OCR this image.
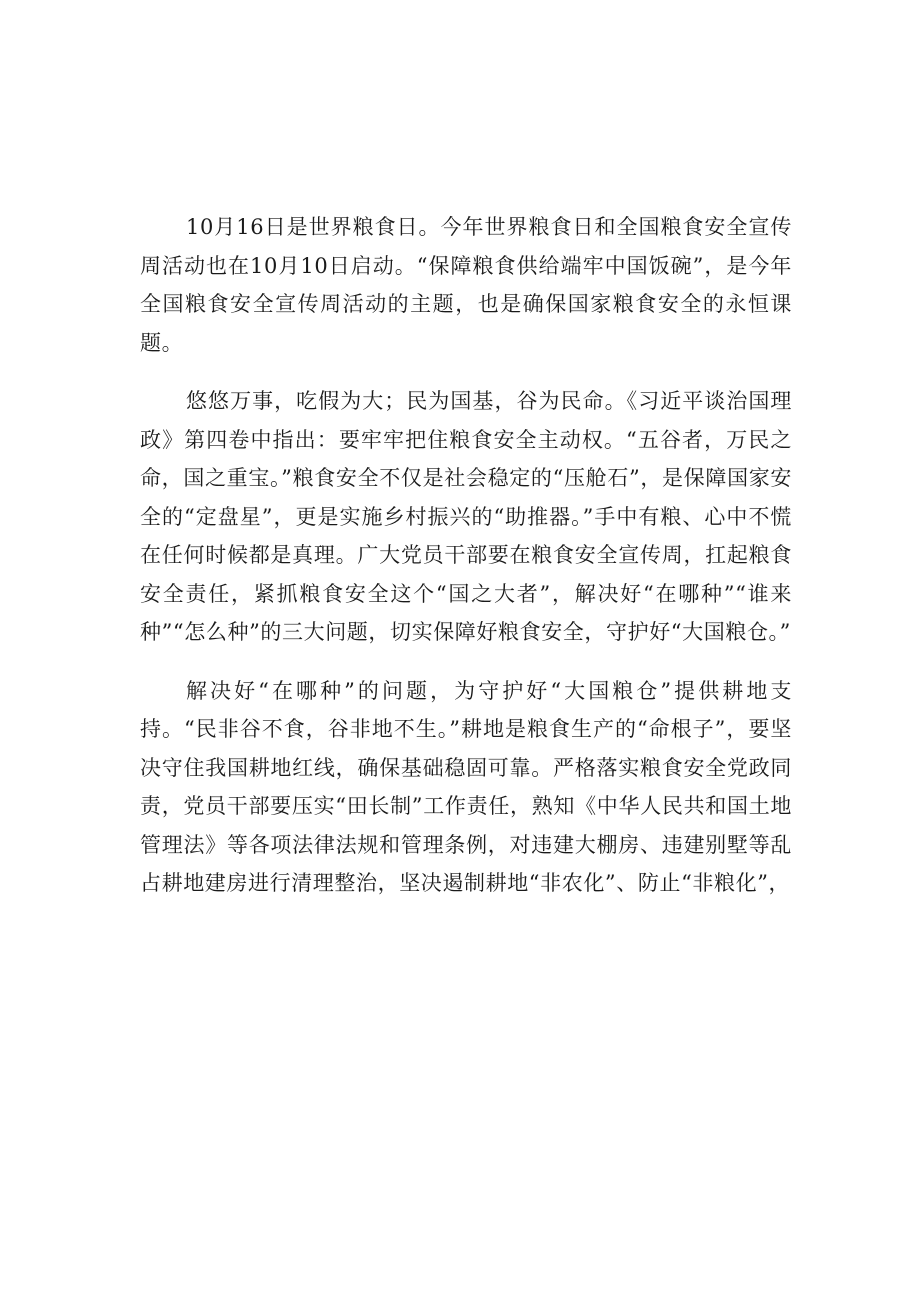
10月16日是世界粮食日。今年世界粮食日和全国粮食安全宣传周活动也在10月10日启动。“保障粮食供给端牢中国饭碗”，是今年全国粮食安全宣传周活动的主题，也是确保国家粮食安全的永恒课题。

悠悠万事，吃假为大；民为国基，谷为民命。《习近平谈治国理政》第四卷中指出：要牢牢把住粮食安全主动权。“五谷者，万民之命，国之重宝。”粮食安全不仅是社会稳定的“压舱石”，是保障国家安全的“定盘星”，更是实施乡村振兴的“助推器。”手中有粮、心中不慌在任何时候都是真理。广大党员干部要在粮食安全宣传周，扛起粮食安全责任，紧抓粮食安全这个“国之大者”，解决好“在哪种”“谁来种”“怎么种”的三大问题，切实保障好粮食安全，守护好“大国粮仓。”

解决好“在哪种”的问题，为守护好“大国粮仓”提供耕地支持。“民非谷不食，谷非地不生。”耕地是粮食生产的“命根子”，要坚决守住我国耕地红线，确保基础稳固可靠。严格落实粮食安全党政同责，党员干部要压实“田长制”工作责任，熟知《中华人民共和国土地管理法》等各项法律法规和管理条例，对违建大棚房、违建别墅等乱占耕地建房进行清理整治，坚决遏制耕地“非农化”、防止“非粮化”，
